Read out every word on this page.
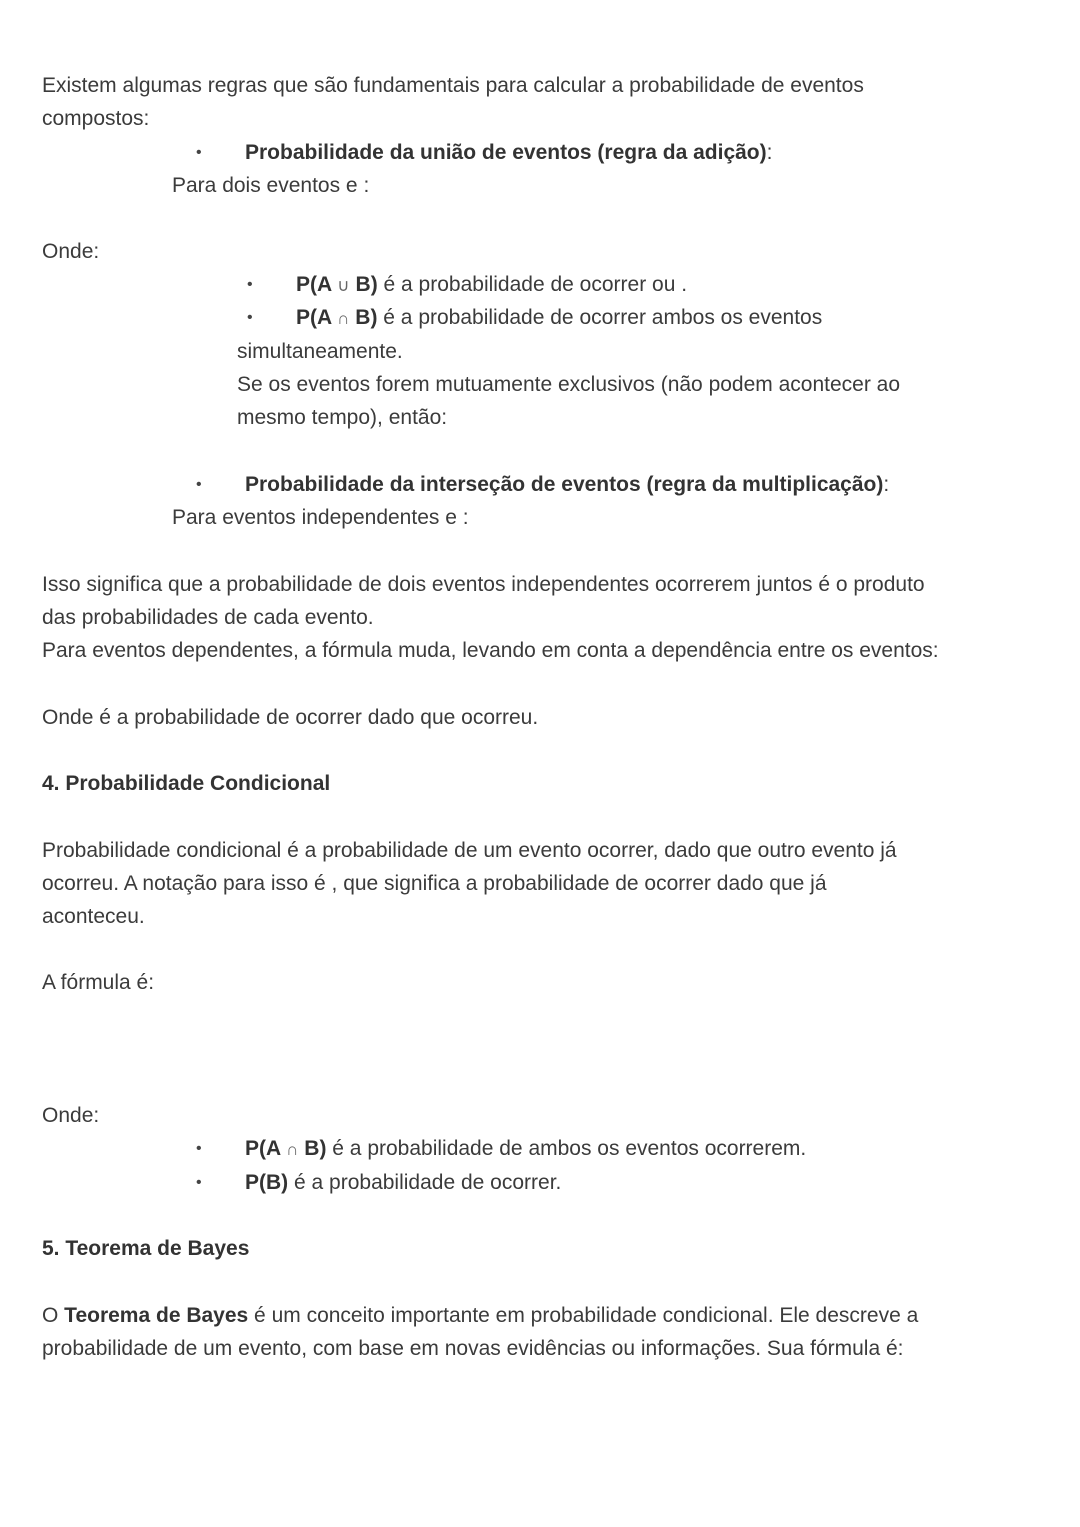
Existem algumas regras que são fundamentais para calcular a probabilidade de eventos
compostos:
• Probabilidade da união de eventos (regra da adição):
Para dois eventos e :
Onde:
• P(A ∪ B) é a probabilidade de ocorrer ou .
• P(A ∩ B) é a probabilidade de ocorrer ambos os eventos
simultaneamente.
Se os eventos forem mutuamente exclusivos (não podem acontecer ao
mesmo tempo), então:
• Probabilidade da interseção de eventos (regra da multiplicação):
Para eventos independentes e :
Isso significa que a probabilidade de dois eventos independentes ocorrerem juntos é o produto
das probabilidades de cada evento.
Para eventos dependentes, a fórmula muda, levando em conta a dependência entre os eventos:
Onde é a probabilidade de ocorrer dado que ocorreu.
4. Probabilidade Condicional
Probabilidade condicional é a probabilidade de um evento ocorrer, dado que outro evento já
ocorreu. A notação para isso é , que significa a probabilidade de ocorrer dado que já
aconteceu.
A fórmula é:
Onde:
• P(A ∩ B) é a probabilidade de ambos os eventos ocorrerem.
• P(B) é a probabilidade de ocorrer.
5. Teorema de Bayes
O Teorema de Bayes é um conceito importante em probabilidade condicional. Ele descreve a
probabilidade de um evento, com base em novas evidências ou informações. Sua fórmula é:
